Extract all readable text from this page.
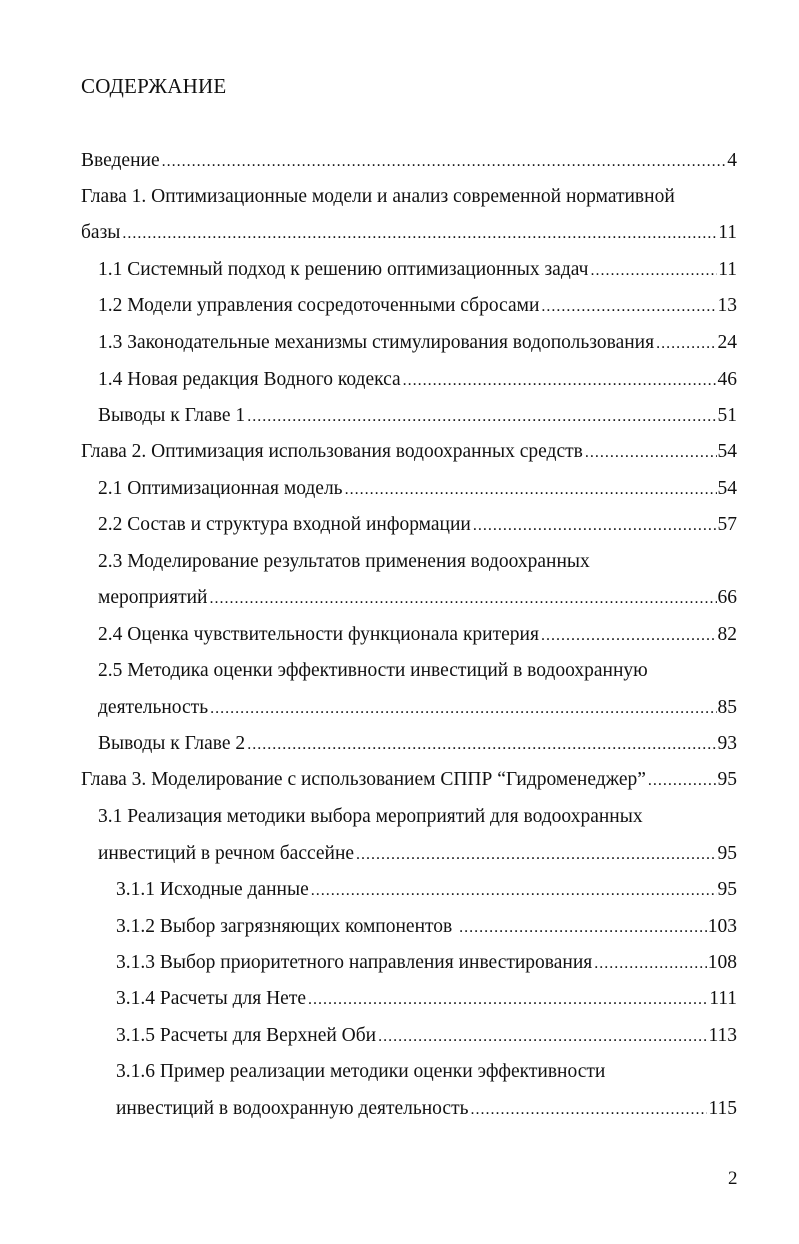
СОДЕРЖАНИЕ
Введение .....	4
Глава 1. Оптимизационные модели и анализ современной нормативной
базы .....	11
1.1 Системный подход к решению оптимизационных задач .....	11
1.2 Модели управления сосредоточенными сбросами .....	13
1.3 Законодательные механизмы стимулирования водопользования .....	24
1.4 Новая редакция Водного кодекса .....	46
Выводы к Главе 1 .....	51
Глава 2. Оптимизация использования водоохранных средств .....	54
2.1 Оптимизационная модель .....	54
2.2 Состав и структура входной информации .....	57
2.3 Моделирование результатов применения водоохранных
мероприятий .....	66
2.4 Оценка чувствительности функционала критерия .....	82
2.5 Методика оценки эффективности инвестиций в водоохранную
деятельность .....	85
Выводы к Главе 2 .....	93
Глава 3. Моделирование с использованием СППР “Гидроменеджер” .....	95
3.1 Реализация методики выбора мероприятий для водоохранных
инвестиций в речном бассейне .....	95
3.1.1 Исходные данные .....	95
3.1.2 Выбор загрязняющих компонентов .....	103
3.1.3 Выбор приоритетного направления инвестирования .....	108
3.1.4 Расчеты для Нете .....	111
3.1.5 Расчеты для Верхней Оби .....	113
3.1.6 Пример реализации методики оценки эффективности
инвестиций в водоохранную деятельность .....	115
2
